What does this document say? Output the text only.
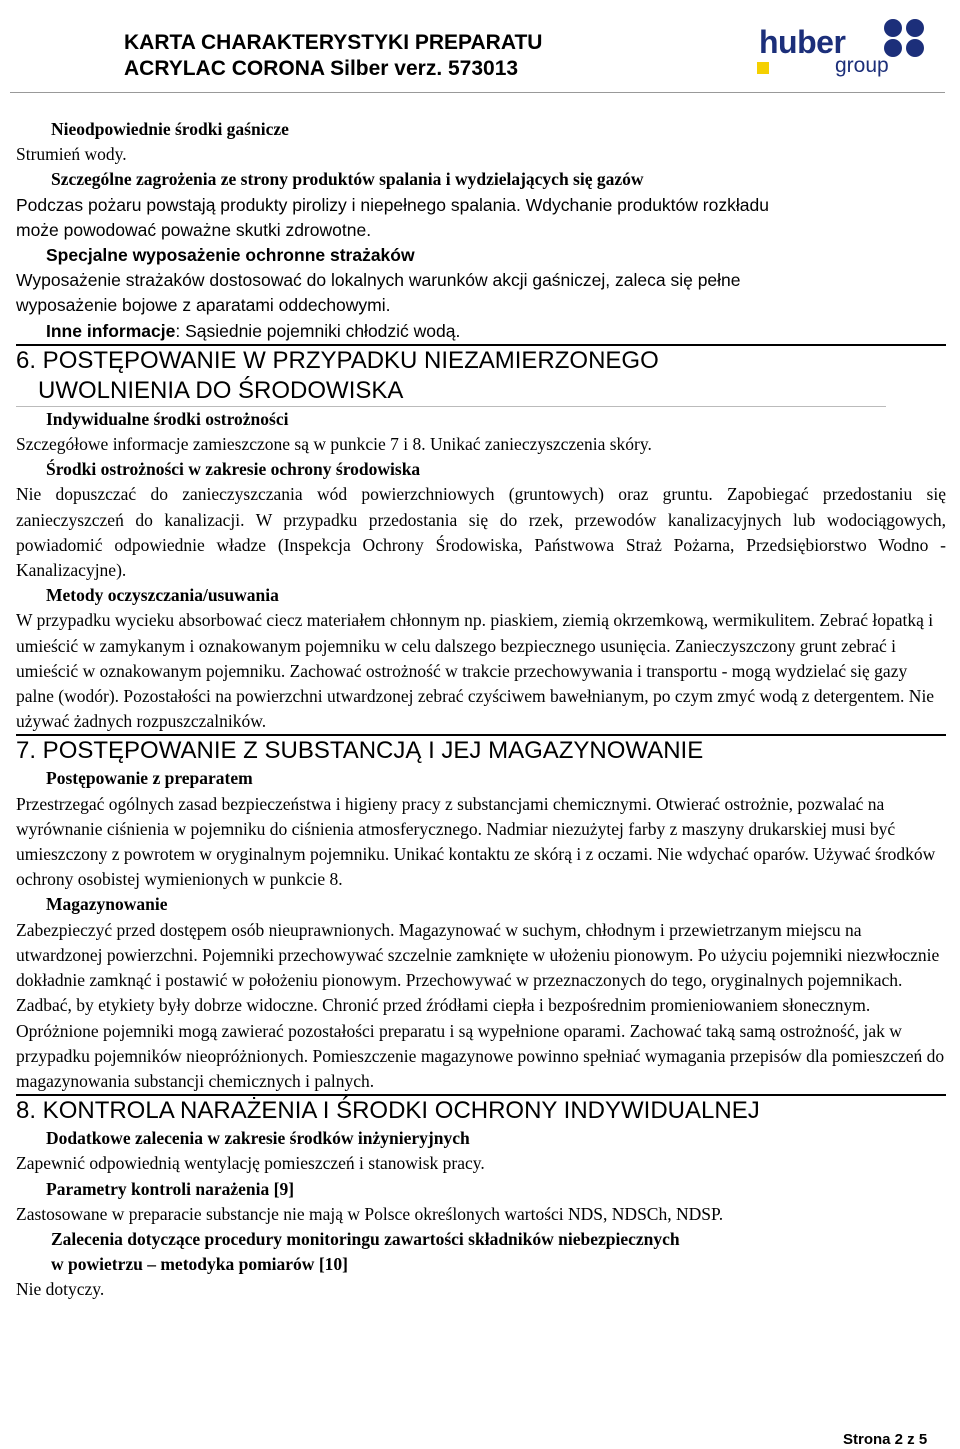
KARTA CHARAKTERYSTYKI PREPARATU
ACRYLAC CORONA Silber verz. 573013
huber
group

Nieodpowiednie środki gaśnicze

Strumień wody.

Szczególne zagrożenia ze strony produktów spalania i wydzielających się gazów

Podczas pożaru powstają produkty pirolizy i niepełnego spalania. Wdychanie produktów rozkładu

może powodować poważne skutki zdrowotne.

Specjalne wyposażenie ochronne strażaków

Wyposażenie strażaków dostosować do lokalnych warunków akcji gaśniczej, zaleca się pełne

wyposażenie bojowe z aparatami oddechowymi.

Inne informacje: Sąsiednie pojemniki chłodzić wodą.

6. POSTĘPOWANIE W PRZYPADKU NIEZAMIERZONEGO
UWOLNIENIA DO ŚRODOWISKA

Indywidualne środki ostrożności

Szczegółowe informacje zamieszczone są w punkcie 7 i 8. Unikać zanieczyszczenia skóry.

Środki ostrożności w zakresie ochrony środowiska

Nie dopuszczać do zanieczyszczania wód powierzchniowych (gruntowych) oraz gruntu. Zapobiegać przedostaniu się zanieczyszczeń do kanalizacji. W przypadku przedostania się do rzek, przewodów kanalizacyjnych lub wodociągowych, powiadomić odpowiednie władze (Inspekcja Ochrony Środowiska, Państwowa Straż Pożarna, Przedsiębiorstwo Wodno - Kanalizacyjne).

Metody oczyszczania/usuwania

W przypadku wycieku absorbować ciecz materiałem chłonnym np. piaskiem, ziemią okrzemkową, wermikulitem. Zebrać łopatką i umieścić w zamykanym i oznakowanym pojemniku w celu dalszego bezpiecznego usunięcia. Zanieczyszczony grunt zebrać i umieścić w oznakowanym pojemniku. Zachować ostrożność w trakcie przechowywania i transportu - mogą wydzielać się gazy palne (wodór). Pozostałości na powierzchni utwardzonej zebrać czyściwem bawełnianym, po czym zmyć wodą z detergentem. Nie używać żadnych rozpuszczalników.

7. POSTĘPOWANIE Z SUBSTANCJĄ I JEJ MAGAZYNOWANIE

Postępowanie z preparatem

Przestrzegać ogólnych zasad bezpieczeństwa i higieny pracy z substancjami chemicznymi. Otwierać ostrożnie, pozwalać na wyrównanie ciśnienia w pojemniku do ciśnienia atmosferycznego. Nadmiar niezużytej farby z maszyny drukarskiej musi być umieszczony z powrotem w oryginalnym pojemniku. Unikać kontaktu ze skórą i z oczami. Nie wdychać oparów. Używać środków ochrony osobistej wymienionych w punkcie 8.

Magazynowanie

Zabezpieczyć przed dostępem osób nieuprawnionych. Magazynować w suchym, chłodnym i przewietrzanym miejscu na utwardzonej powierzchni. Pojemniki przechowywać szczelnie zamknięte w ułożeniu pionowym. Po użyciu pojemniki niezwłocznie dokładnie zamknąć i postawić w położeniu pionowym. Przechowywać w przeznaczonych do tego, oryginalnych pojemnikach. Zadbać, by etykiety były dobrze widoczne. Chronić przed źródłami ciepła i bezpośrednim promieniowaniem słonecznym. Opróżnione pojemniki mogą zawierać pozostałości preparatu i są wypełnione oparami. Zachować taką samą ostrożność, jak w przypadku pojemników nieopróżnionych. Pomieszczenie magazynowe powinno spełniać wymagania przepisów dla pomieszczeń do magazynowania substancji chemicznych i palnych.

8. KONTROLA NARAŻENIA I ŚRODKI OCHRONY INDYWIDUALNEJ

Dodatkowe zalecenia w zakresie środków inżynieryjnych

Zapewnić odpowiednią wentylację pomieszczeń i stanowisk pracy.

Parametry kontroli narażenia [9]

Zastosowane w preparacie substancje nie mają w Polsce określonych wartości NDS, NDSCh, NDSP.

Zalecenia dotyczące procedury monitoringu zawartości składników niebezpiecznych

w powietrzu – metodyka pomiarów [10]

Nie dotyczy.

Strona 2 z 5
